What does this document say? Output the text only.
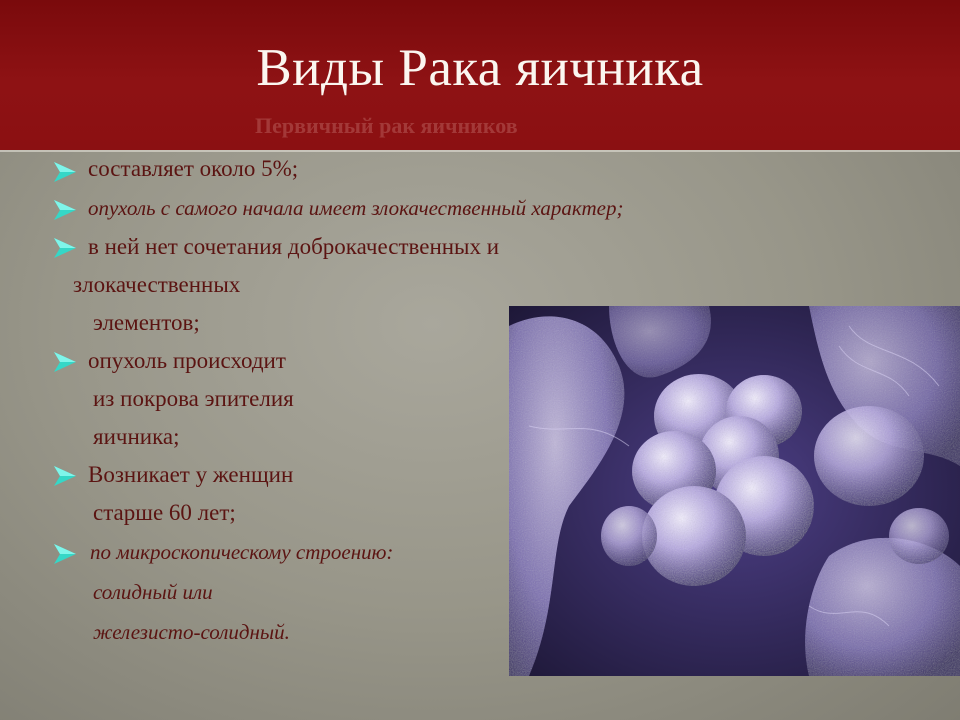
Виды Рака яичника
Первичный рак яичников
составляет около 5%;
опухоль с самого начала имеет злокачественный характер;
в ней нет сочетания доброкачественных и
злокачественных
элементов;
опухоль происходит
из покрова эпителия
яичника;
Возникает у женщин
старше 60 лет;
по микроскопическому строению:
солидный или
железисто-солидный.
